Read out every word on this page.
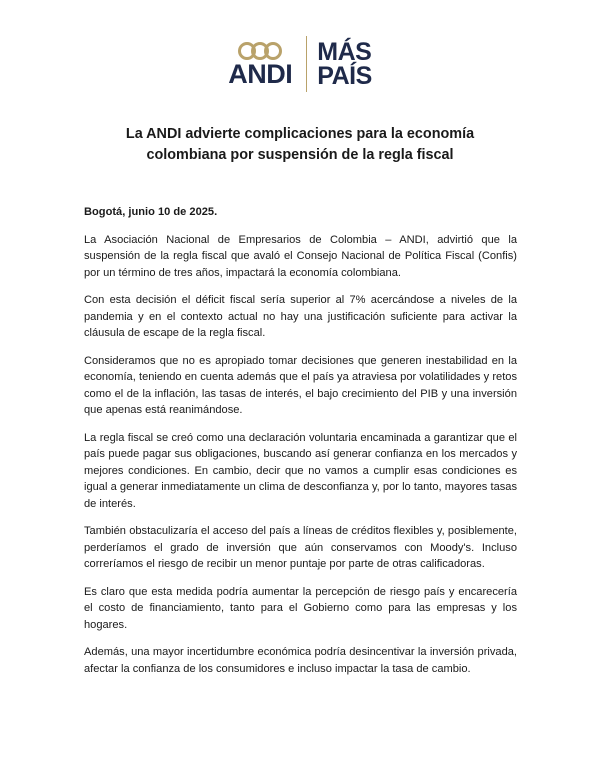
ANDI
MÁS
PAÍS
La ANDI advierte complicaciones para la economía
colombiana por suspensión de la regla fiscal
Bogotá, junio 10 de 2025.

La Asociación Nacional de Empresarios de Colombia – ANDI, advirtió que la suspensión de la regla fiscal que avaló el Consejo Nacional de Política Fiscal (Confis) por un término de tres años, impactará la economía colombiana.

Con esta decisión el déficit fiscal sería superior al 7% acercándose a niveles de la pandemia y en el contexto actual no hay una justificación suficiente para activar la cláusula de escape de la regla fiscal.

Consideramos que no es apropiado tomar decisiones que generen inestabilidad en la economía, teniendo en cuenta además que el país ya atraviesa por volatilidades y retos como el de la inflación, las tasas de interés, el bajo crecimiento del PIB y una inversión que apenas está reanimándose.

La regla fiscal se creó como una declaración voluntaria encaminada a garantizar que el país puede pagar sus obligaciones, buscando así generar confianza en los mercados y mejores condiciones. En cambio, decir que no vamos a cumplir esas condiciones es igual a generar inmediatamente un clima de desconfianza y, por lo tanto, mayores tasas de interés.

También obstaculizaría el acceso del país a líneas de créditos flexibles y, posiblemente, perderíamos el grado de inversión que aún conservamos con Moody's. Incluso correríamos el riesgo de recibir un menor puntaje por parte de otras calificadoras.

Es claro que esta medida podría aumentar la percepción de riesgo país y encarecería el costo de financiamiento, tanto para el Gobierno como para las empresas y los hogares.

Además, una mayor incertidumbre económica podría desincentivar la inversión privada, afectar la confianza de los consumidores e incluso impactar la tasa de cambio.
